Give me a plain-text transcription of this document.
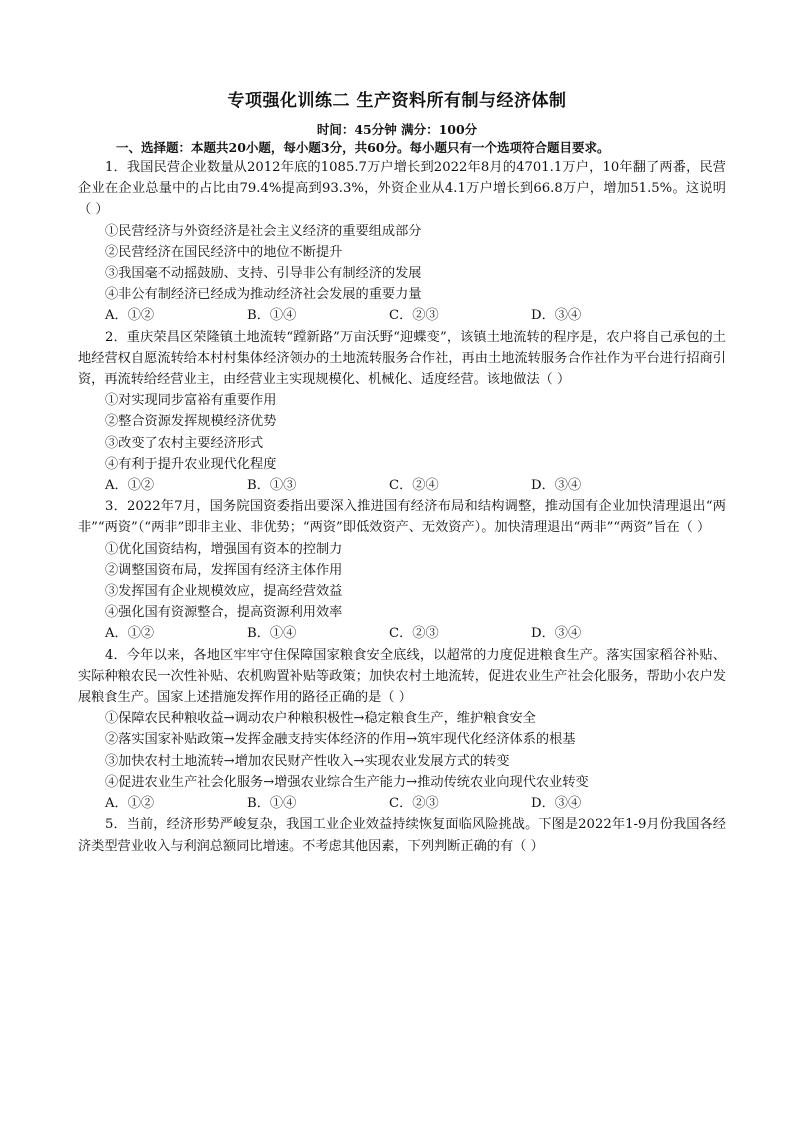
专项强化训练二 生产资料所有制与经济体制
时间：45分钟 满分：100分
一、选择题：本题共20小题，每小题3分，共60分。每小题只有一个选项符合题目要求。

1．我国民营企业数量从2012年底的1085.7万户增长到2022年8月的4701.1万户，10年翻了两番，民营企业在企业总量中的占比由79.4%提高到93.3%，外资企业从4.1万户增长到66.8万户，增加51.5%。这说明（ ）

①民营经济与外资经济是社会主义经济的重要组成部分

②民营经济在国民经济中的地位不断提升

③我国毫不动摇鼓励、支持、引导非公有制经济的发展

④非公有制经济已经成为推动经济社会发展的重要力量

A．①②	B．①④	C．②③	D．③④

2．重庆荣昌区荣隆镇土地流转“蹚新路”万亩沃野“迎蝶变”，该镇土地流转的程序是，农户将自己承包的土地经营权自愿流转给本村村集体经济领办的土地流转服务合作社，再由土地流转服务合作社作为平台进行招商引资，再流转给经营业主，由经营业主实现规模化、机械化、适度经营。该地做法（ ）

①对实现同步富裕有重要作用

②整合资源发挥规模经济优势

③改变了农村主要经济形式

④有利于提升农业现代化程度

A．①②	B．①③	C．②④	D．③④

3．2022年7月，国务院国资委指出要深入推进国有经济布局和结构调整，推动国有企业加快清理退出“两非”“两资”（“两非”即非主业、非优势；“两资”即低效资产、无效资产）。加快清理退出“两非”“两资”旨在（ ）

①优化国资结构，增强国有资本的控制力

②调整国资布局，发挥国有经济主体作用

③发挥国有企业规模效应，提高经营效益

④强化国有资源整合，提高资源利用效率

A．①②	B．①④	C．②③	D．③④

4．今年以来，各地区牢牢守住保障国家粮食安全底线，以超常的力度促进粮食生产。落实国家稻谷补贴、实际种粮农民一次性补贴、农机购置补贴等政策；加快农村土地流转，促进农业生产社会化服务，帮助小农户发展粮食生产。国家上述措施发挥作用的路径正确的是（ ）

①保障农民种粮收益→调动农户种粮积极性→稳定粮食生产，维护粮食安全

②落实国家补贴政策→发挥金融支持实体经济的作用→筑牢现代化经济体系的根基

③加快农村土地流转→增加农民财产性收入→实现农业发展方式的转变

④促进农业生产社会化服务→增强农业综合生产能力→推动传统农业向现代农业转变

A．①②	B．①④	C．②③	D．③④

5．当前，经济形势严峻复杂，我国工业企业效益持续恢复面临风险挑战。下图是2022年1-9月份我国各经济类型营业收入与利润总额同比增速。不考虑其他因素，下列判断正确的有（ ）
